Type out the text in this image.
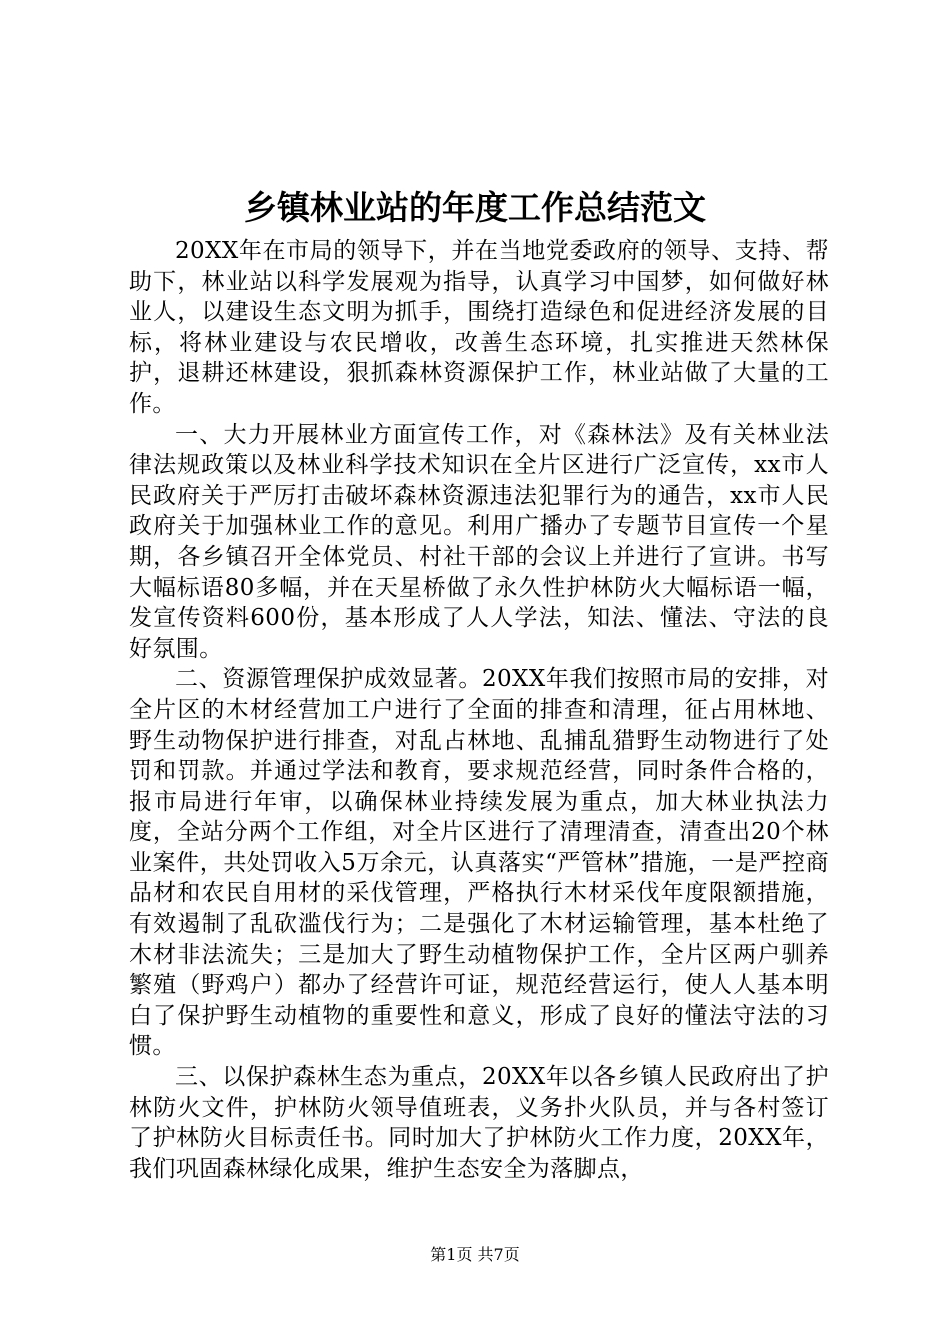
乡镇林业站的年度工作总结范文

20XX年在市局的领导下，并在当地党委政府的领导、支持、帮助下，林业站以科学发展观为指导，认真学习中国梦，如何做好林业人，以建设生态文明为抓手，围绕打造绿色和促进经济发展的目标，将林业建设与农民增收，改善生态环境，扎实推进天然林保护，退耕还林建设，狠抓森林资源保护工作，林业站做了大量的工作。

一、大力开展林业方面宣传工作，对《森林法》及有关林业法律法规政策以及林业科学技术知识在全片区进行广泛宣传，xx市人民政府关于严厉打击破坏森林资源违法犯罪行为的通告，xx市人民政府关于加强林业工作的意见。利用广播办了专题节目宣传一个星期，各乡镇召开全体党员、村社干部的会议上并进行了宣讲。书写大幅标语80多幅，并在天星桥做了永久性护林防火大幅标语一幅，发宣传资料600份，基本形成了人人学法，知法、懂法、守法的良好氛围。

二、资源管理保护成效显著。20XX年我们按照市局的安排，对全片区的木材经营加工户进行了全面的排查和清理，征占用林地、野生动物保护进行排查，对乱占林地、乱捕乱猎野生动物进行了处罚和罚款。并通过学法和教育，要求规范经营，同时条件合格的，报市局进行年审，以确保林业持续发展为重点，加大林业执法力度，全站分两个工作组，对全片区进行了清理清查，清查出20个林业案件，共处罚收入5万余元，认真落实“严管林”措施，一是严控商品材和农民自用材的采伐管理，严格执行木材采伐年度限额措施，有效遏制了乱砍滥伐行为；二是强化了木材运输管理，基本杜绝了木材非法流失；三是加大了野生动植物保护工作，全片区两户驯养繁殖（野鸡户）都办了经营许可证，规范经营运行，使人人基本明白了保护野生动植物的重要性和意义，形成了良好的懂法守法的习惯。

三、以保护森林生态为重点，20XX年以各乡镇人民政府出了护林防火文件，护林防火领导值班表，义务扑火队员，并与各村签订了护林防火目标责任书。同时加大了护林防火工作力度，20XX年，我们巩固森林绿化成果，维护生态安全为落脚点，

第1页 共7页
